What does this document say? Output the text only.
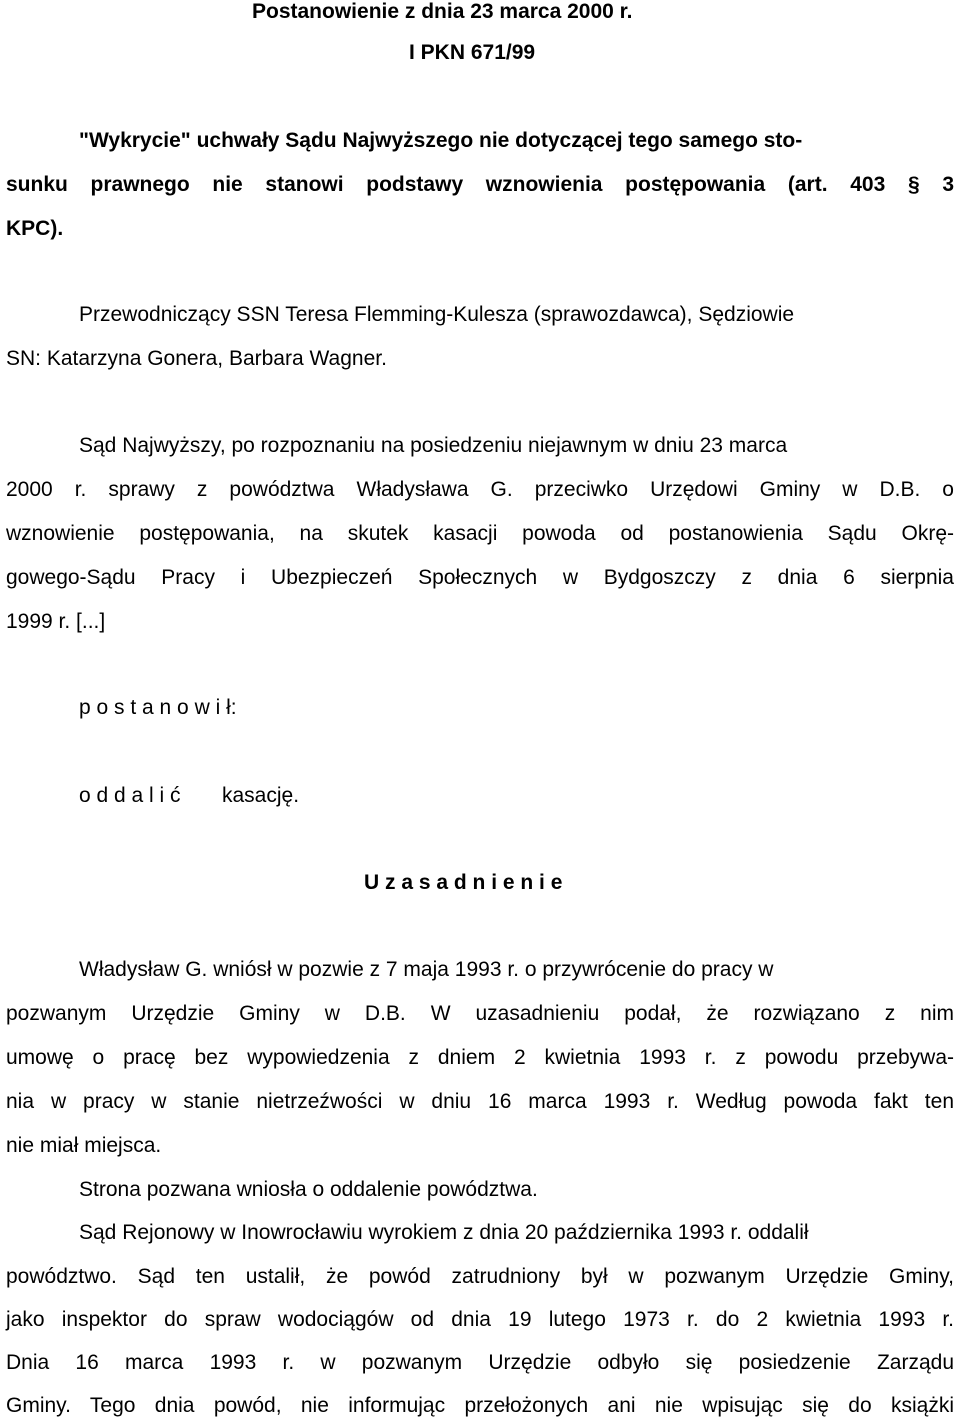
Postanowienie z dnia 23 marca 2000 r.
I PKN 671/99
"Wykrycie" uchwały Sądu Najwyższego nie dotyczącej tego samego sto-
sunku prawnego nie stanowi podstawy wznowienia postępowania (art. 403 § 3
KPC).
Przewodniczący SSN Teresa Flemming-Kulesza (sprawozdawca), Sędziowie
SN: Katarzyna Gonera, Barbara Wagner.
Sąd Najwyższy, po rozpoznaniu na posiedzeniu niejawnym w dniu 23 marca
2000 r. sprawy z powództwa Władysława G. przeciwko Urzędowi Gminy w D.B. o
wznowienie postępowania, na skutek kasacji powoda od postanowienia Sądu Okrę-
gowego-Sądu Pracy i Ubezpieczeń Społecznych w Bydgoszczy z dnia 6 sierpnia
1999 r. [...]
p o s t a n o w i ł:
o d d a l i ć kasację.
U z a s a d n i e n i e
Władysław G. wniósł w pozwie z 7 maja 1993 r. o przywrócenie do pracy w
pozwanym Urzędzie Gminy w D.B. W uzasadnieniu podał, że rozwiązano z nim
umowę o pracę bez wypowiedzenia z dniem 2 kwietnia 1993 r. z powodu przebywa-
nia w pracy w stanie nietrzeźwości w dniu 16 marca 1993 r. Według powoda fakt ten
nie miał miejsca.
Strona pozwana wniosła o oddalenie powództwa.
Sąd Rejonowy w Inowrocławiu wyrokiem z dnia 20 października 1993 r. oddalił
powództwo. Sąd ten ustalił, że powód zatrudniony był w pozwanym Urzędzie Gminy,
jako inspektor do spraw wodociągów od dnia 19 lutego 1973 r. do 2 kwietnia 1993 r.
Dnia 16 marca 1993 r. w pozwanym Urzędzie odbyło się posiedzenie Zarządu
Gminy. Tego dnia powód, nie informując przełożonych ani nie wpisując się do książki
